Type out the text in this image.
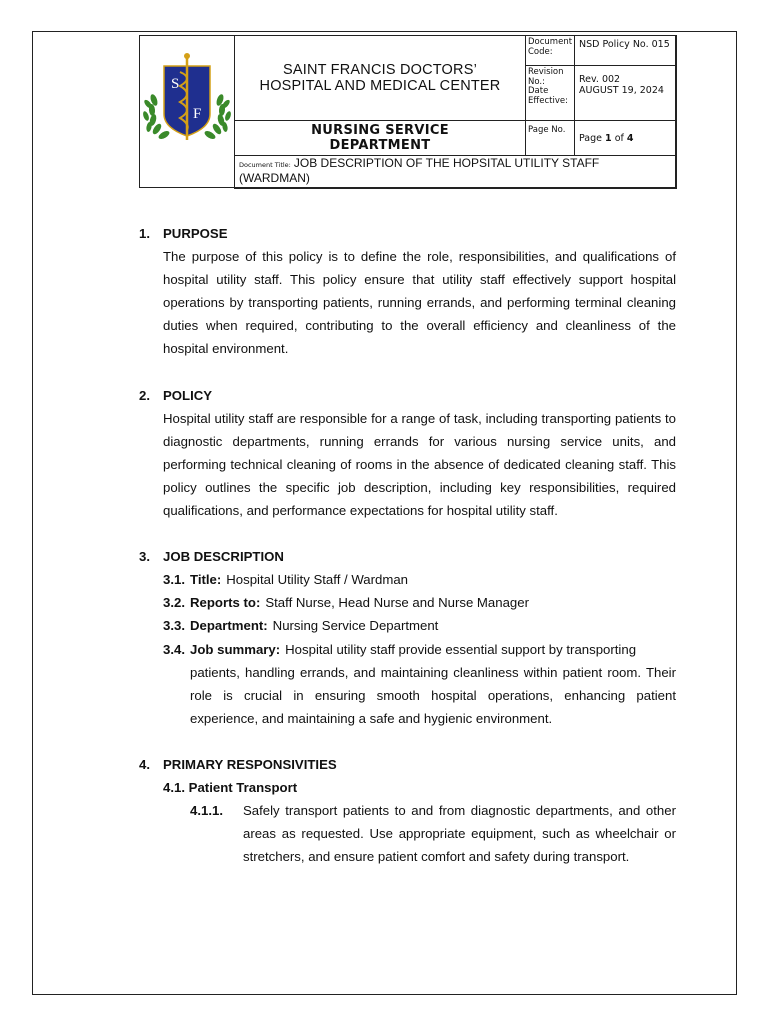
S
F
SAINT FRANCIS DOCTORS’
HOSPITAL AND MEDICAL CENTER
NURSING SERVICE
DEPARTMENT
Document Code:
NSD Policy No. 015
Revision No.:
Date Effective:
Rev. 002
AUGUST 19, 2024
Page No.
Page
1
of
4
Document Title: JOB DESCRIPTION OF THE HOPSITAL UTILITY STAFF (WARDMAN)
1. PURPOSE
The purpose of this policy is to define the role, responsibilities, and qualifications of hospital utility staff. This policy ensure that utility staff effectively support hospital operations by transporting patients, running errands, and performing terminal cleaning duties when required, contributing to the overall efficiency and cleanliness of the hospital environment.
2. POLICY
Hospital utility staff are responsible for a range of task, including transporting patients to diagnostic departments, running errands for various nursing service units, and performing technical cleaning of rooms in the absence of dedicated cleaning staff. This policy outlines the specific job description, including key responsibilities, required qualifications, and performance expectations for hospital utility staff.
3. JOB DESCRIPTION
3.1. Title: Hospital Utility Staff / Wardman
3.2. Reports to: Staff Nurse, Head Nurse and Nurse Manager
3.3. Department: Nursing Service Department
3.4. Job summary: Hospital utility staff provide essential support by transporting
patients, handling errands, and maintaining cleanliness within patient room. Their role is crucial in ensuring smooth hospital operations, enhancing patient experience, and maintaining a safe and hygienic environment.
4. PRIMARY RESPONSIVITIES
4.1. Patient Transport
4.1.1.	Safely transport patients to and from diagnostic departments, and other areas as requested. Use appropriate equipment, such as wheelchair or stretchers, and ensure patient comfort and safety during transport.
